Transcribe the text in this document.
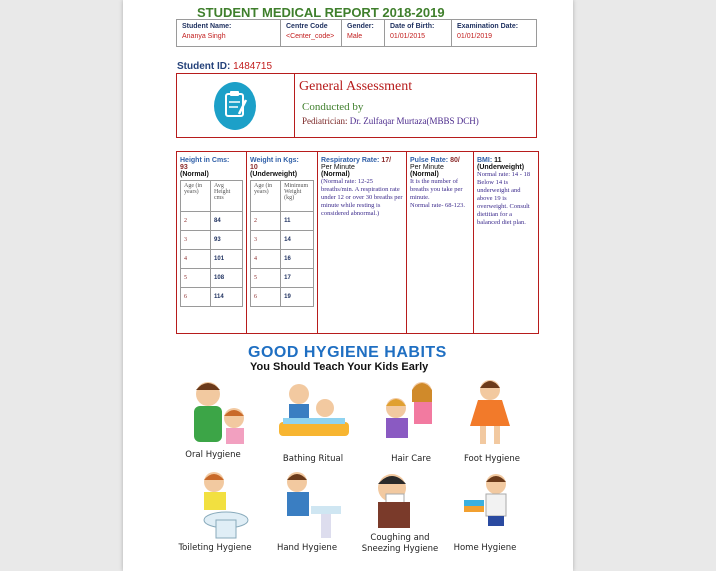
STUDENT MEDICAL REPORT 2018-2019
Student Name:
Ananya Singh

Centre Code
<Center_code>

Gender:
Male

Date of Birth:
01/01/2015

Examination Date:
01/01/2019
Student ID: 1484715
General Assessment
Conducted by
Pediatrician: Dr. Zulfaqar Murtaza(MBBS DCH)
Height in Cms:
93
(Normal)
Age (in years)	Avg Height cms
2	84
3	93
4	101
5	108
6	114
Weight in Kgs:
10
(Underweight)
Age (in years)	Minimum Weight (kg)
2	11
3	14
4	16
5	17
6	19
Respiratory Rate: 17/
Per Minute
(Normal)
(Normal rate: 12-25 breaths/min. A respiration rate under 12 or over 30 breaths per minute while resting is considered abnormal.)
Pulse Rate: 80/
Per Minute
(Normal)
It is the number of breaths you take per minute.
Normal rate- 68-123.
BMI: 11
(Underweight)
Normal rate: 14 - 18 Below 14 is underweight and above 19 is overweight. Consult dietitian for a balanced diet plan.
GOOD HYGIENE HABITS
You Should Teach Your Kids Early
Oral Hygiene	Bathing Ritual	Hair Care	Foot Hygiene
Toileting Hygiene	Hand Hygiene
Coughing and Sneezing Hygiene	Home Hygiene
